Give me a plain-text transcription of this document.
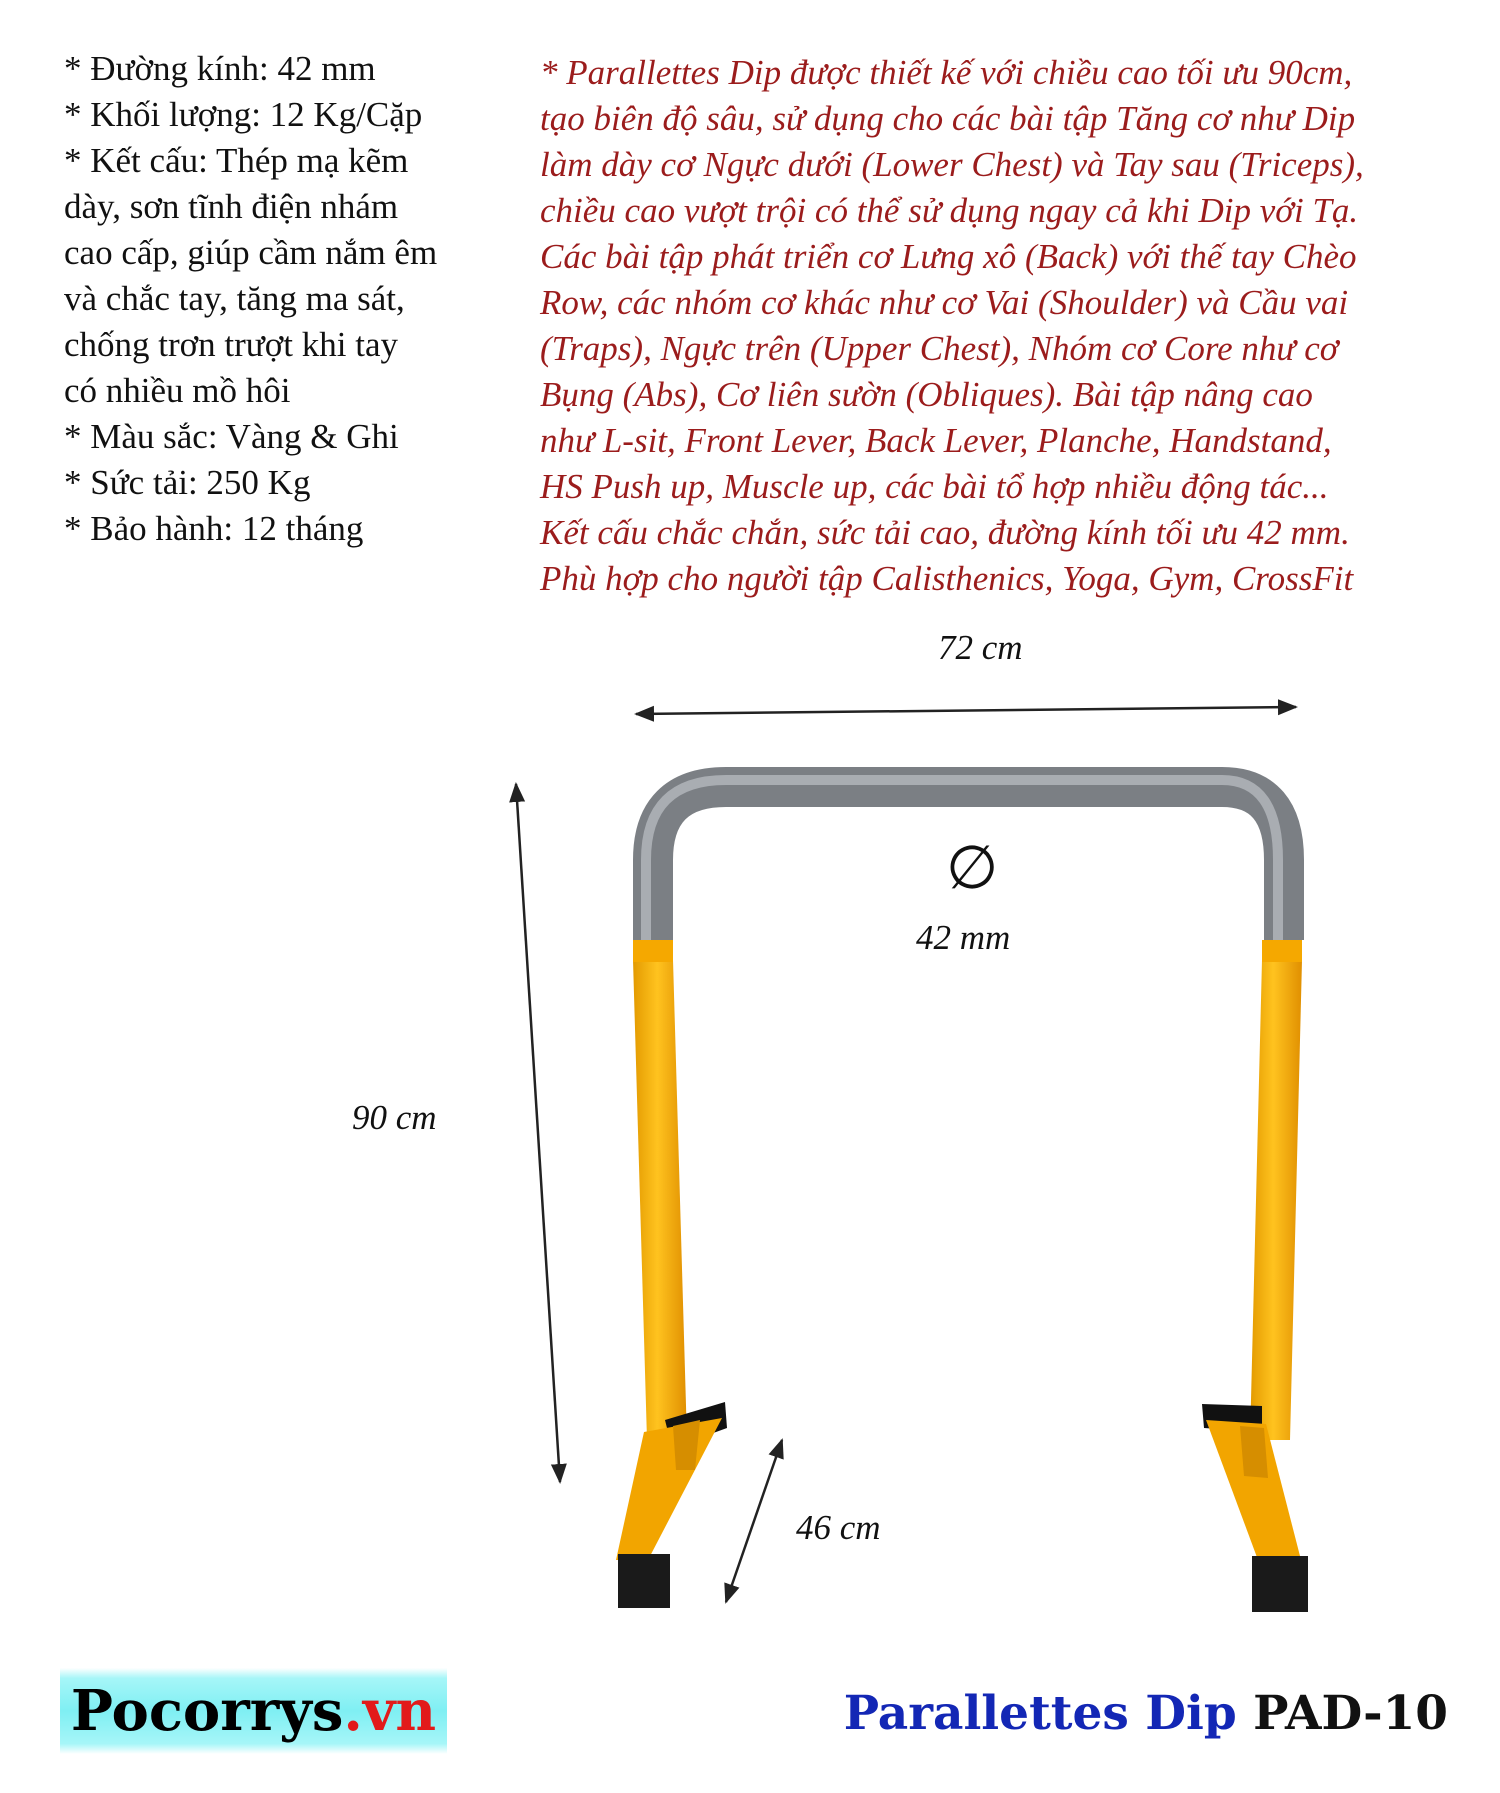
* Đường kính: 42 mm
* Khối lượng: 12 Kg/Cặp
* Kết cấu: Thép mạ kẽm
dày, sơn tĩnh điện nhám
cao cấp, giúp cầm nắm êm
và chắc tay, tăng ma sát,
chống trơn trượt khi tay
có nhiều mồ hôi
* Màu sắc: Vàng & Ghi
* Sức tải: 250 Kg
* Bảo hành: 12 tháng
* Parallettes Dip được thiết kế với chiều cao tối ưu 90cm,
tạo biên độ sâu, sử dụng cho các bài tập Tăng cơ như Dip
làm dày cơ Ngực dưới (Lower Chest) và Tay sau (Triceps),
chiều cao vượt trội có thể sử dụng ngay cả khi Dip với Tạ.
Các bài tập phát triển cơ Lưng xô (Back) với thế tay Chèo
Row, các nhóm cơ khác như cơ Vai (Shoulder) và Cầu vai
(Traps), Ngực trên (Upper Chest), Nhóm cơ Core như cơ
Bụng (Abs), Cơ liên sườn (Obliques). Bài tập nâng cao
như L-sit, Front Lever, Back Lever, Planche, Handstand,
HS Push up, Muscle up, các bài tổ hợp nhiều động tác...
Kết cấu chắc chắn, sức tải cao, đường kính tối ưu 42 mm.
Phù hợp cho người tập Calisthenics, Yoga, Gym, CrossFit
72 cm
90 cm
46 cm
∅
42 mm
Pocorrys .vn	Parallettes Dip PAD-10
